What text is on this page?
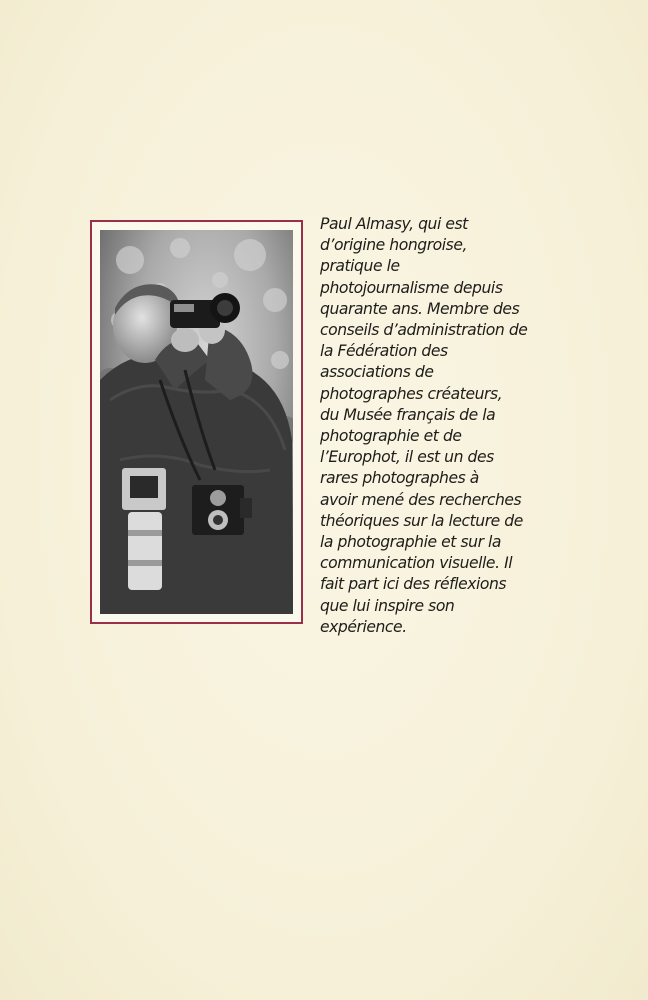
Paul Almasy, qui est
d’origine hongroise,
pratique le
photojournalisme depuis
quarante ans. Membre des
conseils d’administration de
la Fédération des
associations de
photographes créateurs,
du Musée français de la
photographie et de
l’Europhot, il est un des
rares photographes à
avoir mené des recherches
théoriques sur la lecture de
la photographie et sur la
communication visuelle. Il
fait part ici des réflexions
que lui inspire son
expérience.
